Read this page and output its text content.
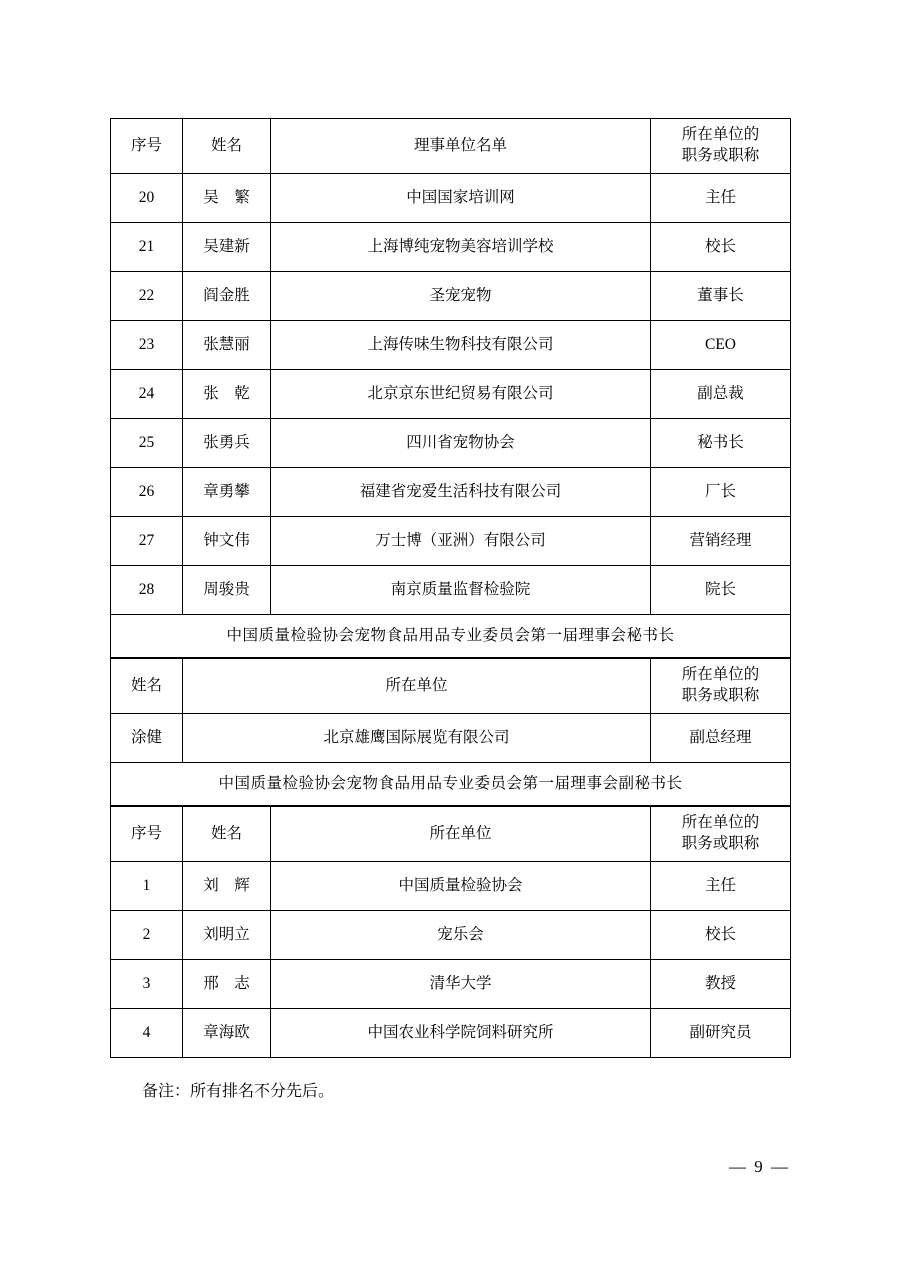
序号	姓名	理事单位名单	所在单位的
职务或职称

20	吴　繁	中国国家培训网	主任
21	吴建新	上海博纯宠物美容培训学校	校长
22	阎金胜	圣宠宠物	董事长
23	张慧丽	上海传味生物科技有限公司	CEO
24	张　乾	北京京东世纪贸易有限公司	副总裁
25	张勇兵	四川省宠物协会	秘书长
26	章勇攀	福建省宠爱生活科技有限公司	厂长
27	钟文伟	万士博（亚洲）有限公司	营销经理
28	周骏贵	南京质量监督检验院	院长
中国质量检验协会宠物食品用品专业委员会第一届理事会秘书长			
姓名	所在单位	所在单位的
职务或职称

涂健	北京雄鹰国际展览有限公司	副总经理
中国质量检验协会宠物食品用品专业委员会第一届理事会副秘书长		
序号	姓名	所在单位	所在单位的
职务或职称

1	刘　辉	中国质量检验协会	主任
2	刘明立	宠乐会	校长
3	邢　志	清华大学	教授
4	章海欧	中国农业科学院饲料研究所	副研究员
备注：所有排名不分先后。
— 9 —
